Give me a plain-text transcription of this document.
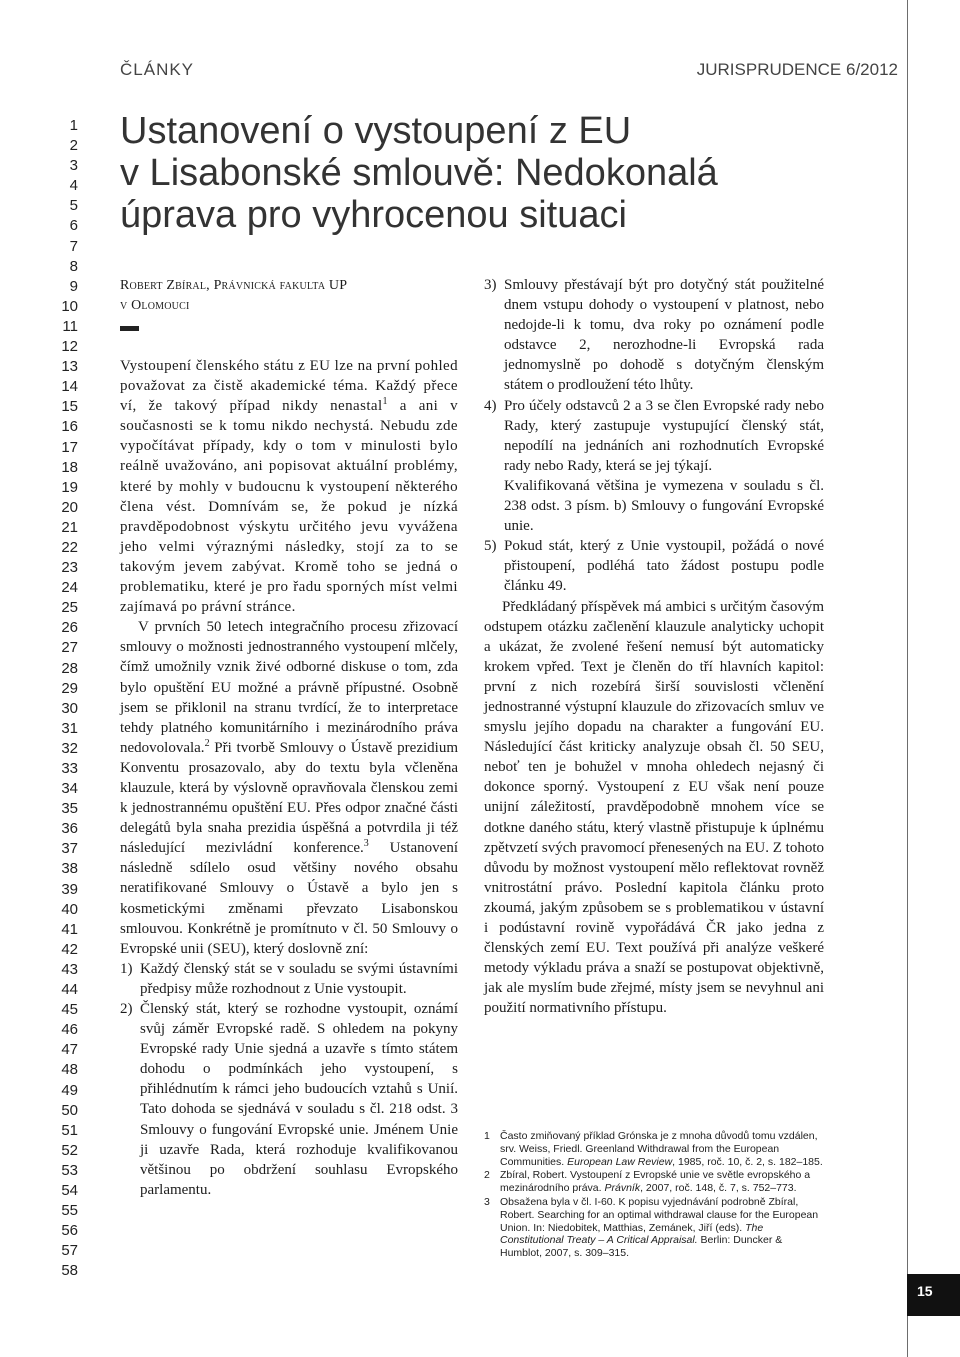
ČLÁNKY	JURISPRUDENCE 6/2012
1
2
3
4
5
6
7
8
9
10
11
12
13
14
15
16
17
18
19
20
21
22
23
24
25
26
27
28
29
30
31
32
33
34
35
36
37
38
39
40
41
42
43
44
45
46
47
48
49
50
51
52
53
54
55
56
57
58
Ustanovení o vystoupení z EU
v Lisabonské smlouvě: Nedokonalá
úprava pro vyhrocenou situaci
Robert Zbíral, Právnická fakulta UP
v Olomouci

Vystoupení členského státu z EU lze na první pohled považovat za čistě akademické téma. Každý přece ví, že takový případ nikdy nenastal$^1$ a ani v současnosti se k tomu nikdo nechystá. Nebudu zde vypočítávat případy, kdy o tom v minulosti bylo reálně uvažováno, ani popisovat aktuální problémy, které by mohly v budoucnu k vystoupení některého člena vést. Domnívám se, že pokud je nízká pravděpodobnost výskytu určitého jevu vyvážena jeho velmi výraznými následky, stojí za to se takovým jevem zabývat. Kromě toho se jedná o problematiku, které je pro řadu sporných míst velmi zajímavá po právní stránce.

V prvních 50 letech integračního procesu zřizovací smlouvy o možnosti jednostranného vystoupení mlčely, čímž umožnily vznik živé odborné diskuse o tom, zda bylo opuštění EU možné a právně přípustné. Osobně jsem se přiklonil na stranu tvrdící, že to interpretace tehdy platného komunitárního i mezinárodního práva nedovolovala.$^2$ Při tvorbě Smlouvy o Ústavě prezidium Konventu prosazovalo, aby do textu byla včleněna klauzule, která by výslovně opravňovala členskou zemi k jednostrannému opuštění EU. Přes odpor značné části delegátů byla snaha prezidia úspěšná a potvrdila ji též následující mezivládní konference.$^3$ Ustanovení následně sdílelo osud většiny nového obsahu neratifikované Smlouvy o Ústavě a bylo jen s kosmetickými změnami převzato Lisabonskou smlouvou. Konkrétně je promítnuto v čl. 50 Smlouvy o Evropské unii (SEU), který doslovně zní:

1) Každý členský stát se v souladu se svými ústavními předpisy může rozhodnout z Unie vystoupit.
2) Členský stát, který se rozhodne vystoupit, oznámí svůj záměr Evropské radě. S ohledem na pokyny Evropské rady Unie sjedná a uzavře s tímto státem dohodu o podmínkách jeho vystoupení, s přihlédnutím k rámci jeho budoucích vztahů s Unií. Tato dohoda se sjednává v souladu s čl. 218 odst. 3 Smlouvy o fungování Evropské unie. Jménem Unie ji uzavře Rada, která rozhoduje kvalifikovanou většinou po obdržení souhlasu Evropského parlamentu.
3) Smlouvy přestávají být pro dotyčný stát použitelné dnem vstupu dohody o vystoupení v platnost, nebo nedojde-li k tomu, dva roky po oznámení podle odstavce 2, nerozhodne-li Evropská rada jednomyslně po dohodě s dotyčným členským státem o prodloužení této lhůty.
4) Pro účely odstavců 2 a 3 se člen Evropské rady nebo Rady, který zastupuje vystupující členský stát, nepodílí na jednáních ani rozhodnutích Evropské rady nebo Rady, která se jej týkají.
Kvalifikovaná většina je vymezena v souladu s čl. 238 odst. 3 písm. b) Smlouvy o fungování Evropské unie.
5) Pokud stát, který z Unie vystoupil, požádá o nové přistoupení, podléhá tato žádost postupu podle článku 49.

Předkládaný příspěvek má ambici s určitým časovým odstupem otázku začlenění klauzule analyticky uchopit a ukázat, že zvolené řešení nemusí být automaticky krokem vpřed. Text je členěn do tří hlavních kapitol: první z nich rozebírá širší souvislosti včlenění jednostranné výstupní klauzule do zřizovacích smluv ve smyslu jejího dopadu na charakter a fungování EU. Následující část kriticky analyzuje obsah čl. 50 SEU, neboť ten je bohužel v mnoha ohledech nejasný či dokonce sporný. Vystoupení z EU však není pouze unijní záležitostí, pravděpodobně mnohem více se dotkne daného státu, který vlastně přistupuje k úplnému zpětvzetí svých pravomocí přenesených na EU. Z tohoto důvodu by možnost vystoupení mělo reflektovat rovněž vnitrostátní právo. Poslední kapitola článku proto zkoumá, jakým způsobem se s problematikou v ústavní i podústavní rovině vypořádává ČR jako jedna z členských zemí EU. Text používá při analýze veškeré metody výkladu práva a snaží se postupovat objektivně, jak ale myslím bude zřejmé, místy jsem se nevyhnul ani použití normativního přístupu.

1 Často zmiňovaný příklad Grónska je z mnoha důvodů tomu vzdálen, srv. Weiss, Friedl. Greenland Withdrawal from the European Communities. European Law Review, 1985, roč. 10, č. 2, s. 182–185.
2 Zbíral, Robert. Vystoupení z Evropské unie ve světle evropského a mezinárodního práva. Právník, 2007, roč. 148, č. 7, s. 752–773.
3 Obsaženа byla v čl. I-60. K popisu vyjednávání podrobně Zbíral, Robert. Searching for an optimal withdrawal clause for the European Union. In: Niedobitek, Matthias, Zemánek, Jiří (eds). The Constitutional Treaty – A Critical Appraisal. Berlin: Duncker & Humblot, 2007, s. 309–315.
15
